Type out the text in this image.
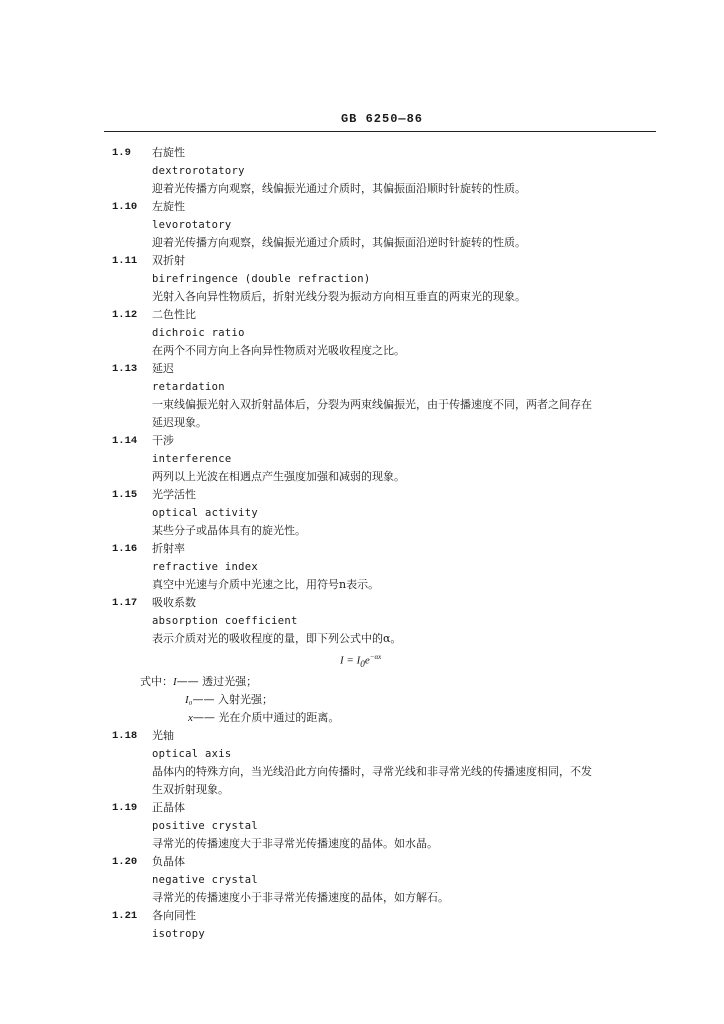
GB 6250—86
1.9	右旋性
dextrorotatory
迎着光传播方向观察，线偏振光通过介质时，其偏振面沿顺时针旋转的性质。
1.10	左旋性
levorotatory
迎着光传播方向观察，线偏振光通过介质时，其偏振面沿逆时针旋转的性质。
1.11	双折射
birefringence (double refraction)
光射入各向异性物质后，折射光线分裂为振动方向相互垂直的两束光的现象。
1.12	二色性比
dichroic ratio
在两个不同方向上各向异性物质对光吸收程度之比。
1.13	延迟
retardation
一束线偏振光射入双折射晶体后，分裂为两束线偏振光，由于传播速度不同，两者之间存在
延迟现象。
1.14	干涉
interference
两列以上光波在相遇点产生强度加强和减弱的现象。
1.15	光学活性
optical activity
某些分子或晶体具有的旋光性。
1.16	折射率
refractive index
真空中光速与介质中光速之比，用符号n表示。
1.17	吸收系数
absorption coefficient
表示介质对光的吸收程度的量，即下列公式中的α。
$I = I_0e^{-\alpha x}$
式中：I—— 透过光强；
I₀—— 入射光强；
x—— 光在介质中通过的距离。
1.18	光轴
optical axis
晶体内的特殊方向，当光线沿此方向传播时，寻常光线和非寻常光线的传播速度相同，不发
生双折射现象。
1.19	正晶体
positive crystal
寻常光的传播速度大于非寻常光传播速度的晶体。如水晶。
1.20	负晶体
negative crystal
寻常光的传播速度小于非寻常光传播速度的晶体，如方解石。
1.21	各向同性
isotropy
